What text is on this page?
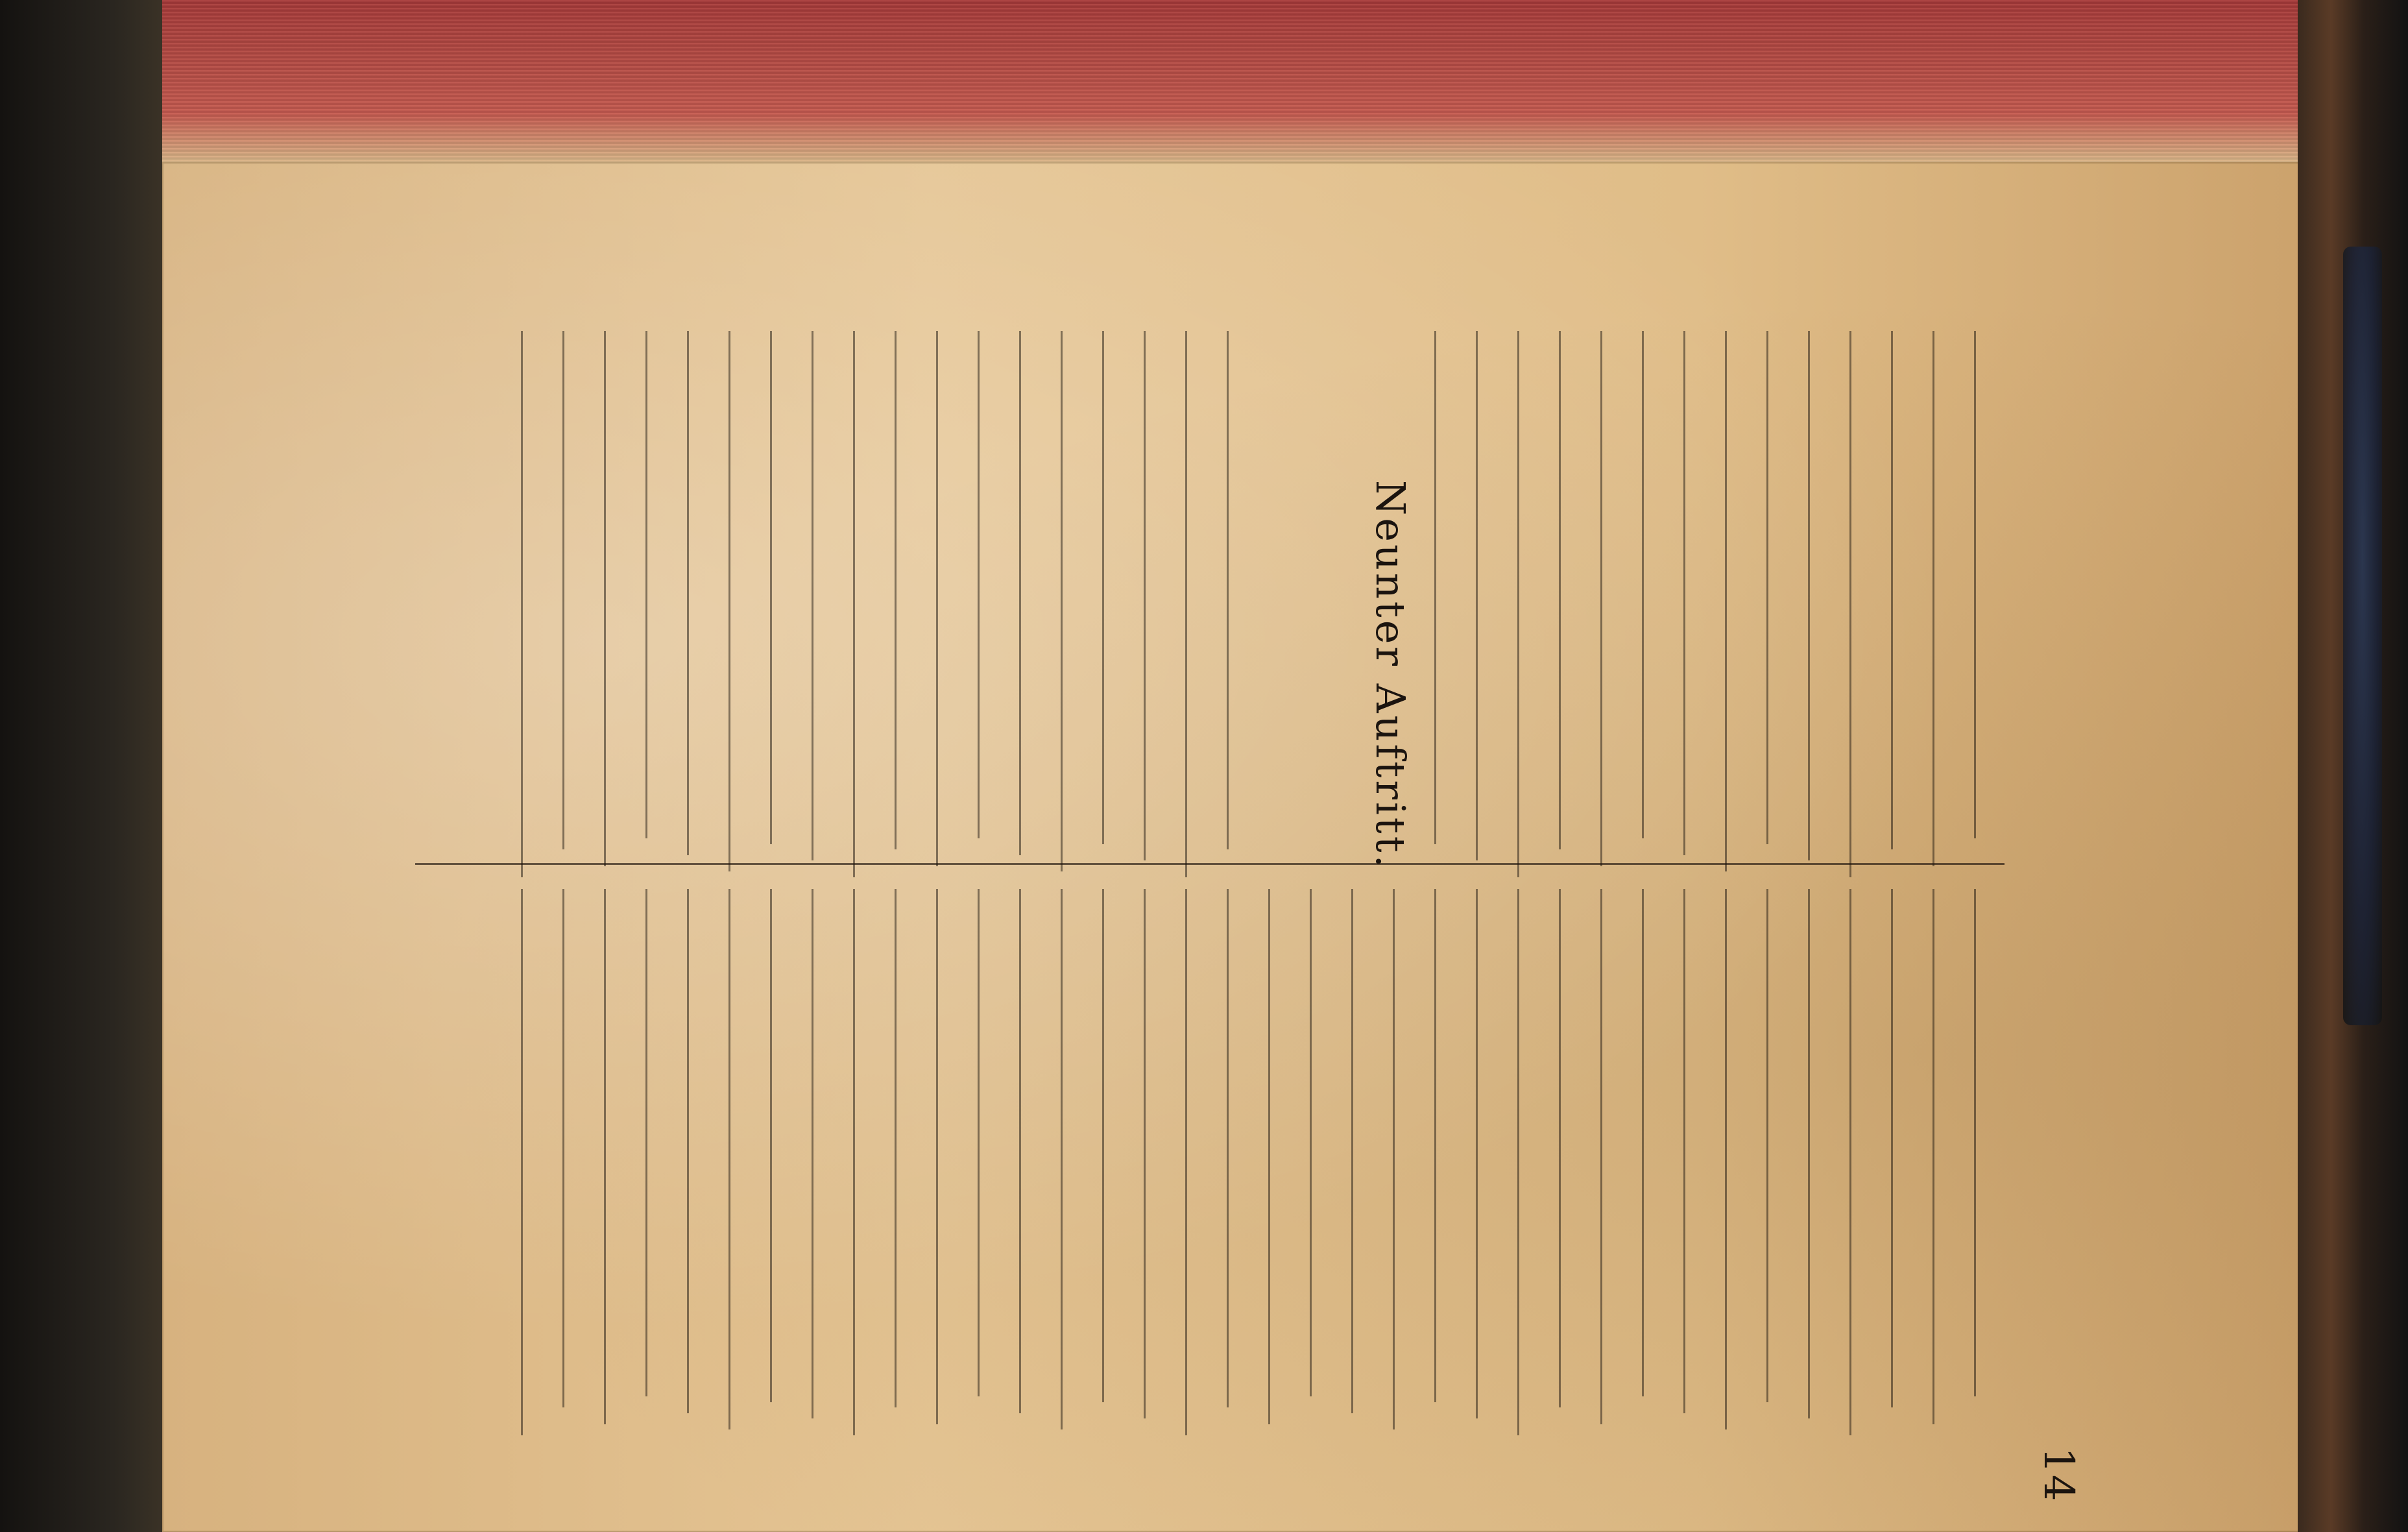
14
Neunter Auftritt.
